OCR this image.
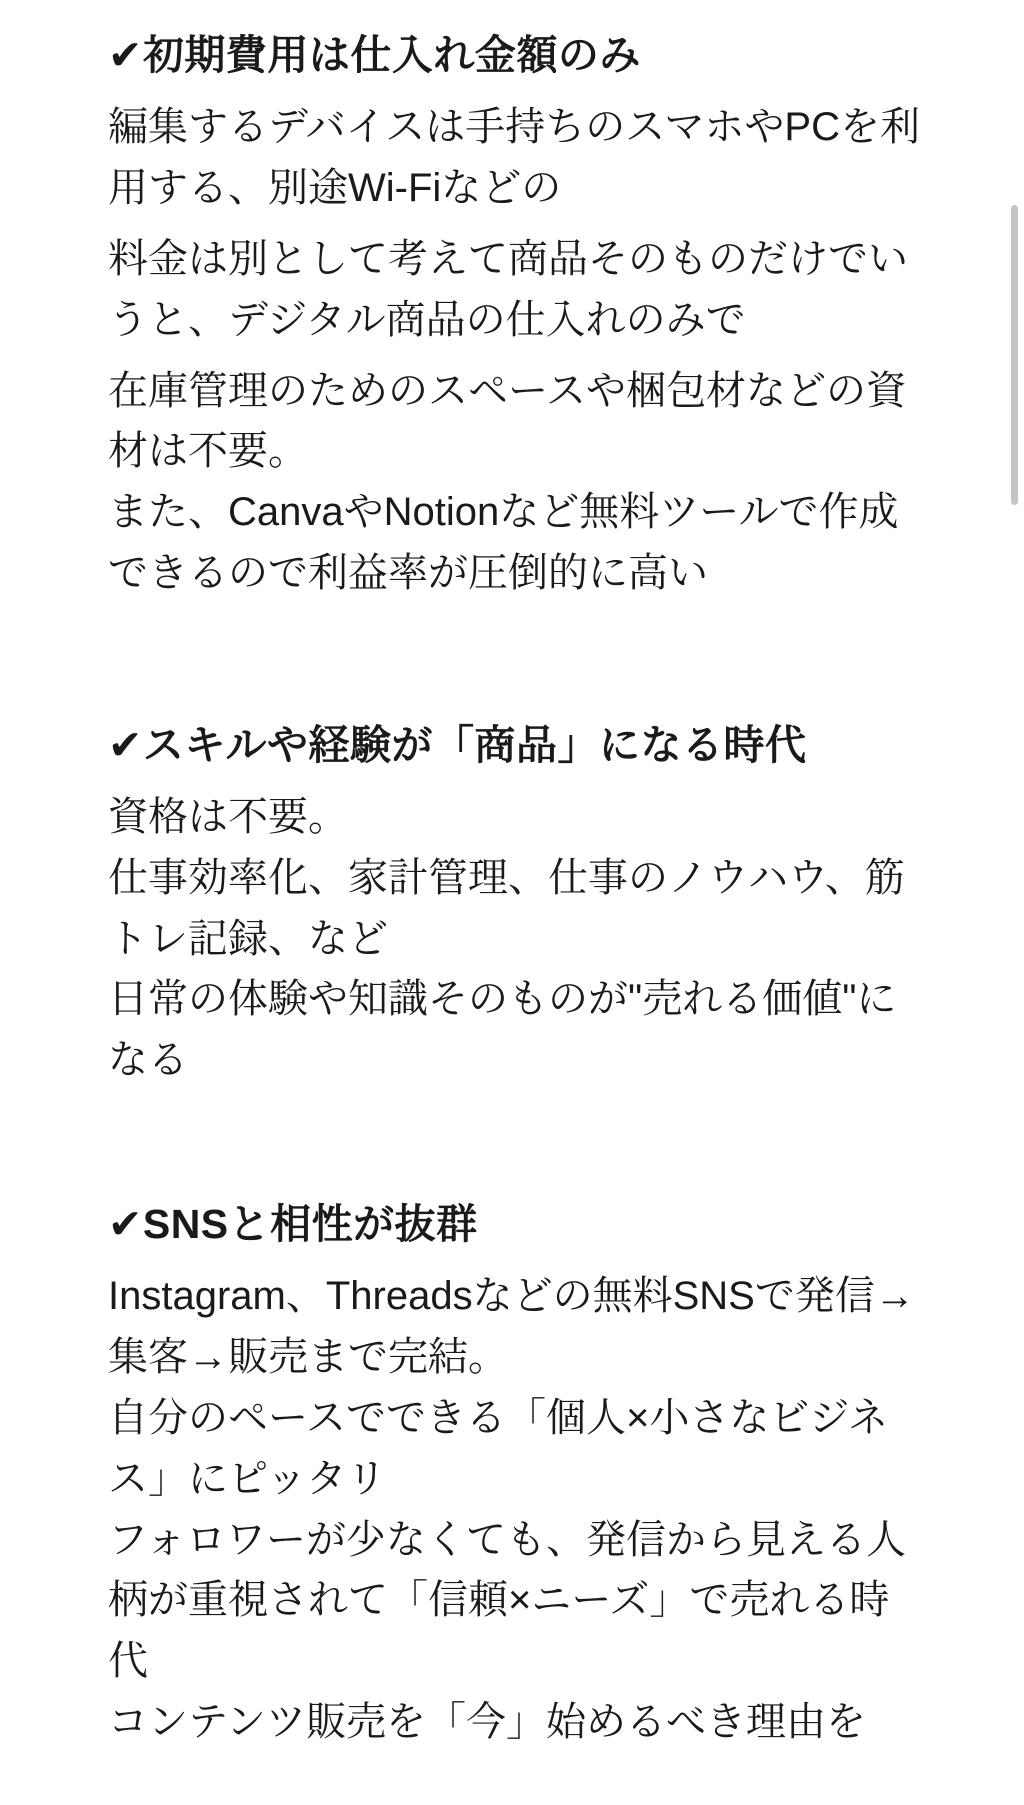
✔初期費用は仕入れ金額のみ
編集するデバイスは手持ちのスマホやPCを利用する、別途Wi-Fiなどの
料金は別として考えて商品そのものだけでいうと、デジタル商品の仕入れのみで
在庫管理のためのスペースや梱包材などの資材は不要。
また、CanvaやNotionなど無料ツールで作成できるので利益率が圧倒的に高い
✔スキルや経験が「商品」になる時代
資格は不要。
仕事効率化、家計管理、仕事のノウハウ、筋トレ記録、など
日常の体験や知識そのものが"売れる価値"になる
✔SNSと相性が抜群
Instagram、Threadsなどの無料SNSで発信→集客→販売まで完結。
自分のペースでできる「個人×小さなビジネス」にピッタリ
フォロワーが少なくても、発信から見える人柄が重視されて「信頼×ニーズ」で売れる時代
コンテンツ販売を「今」始めるべき理由を
